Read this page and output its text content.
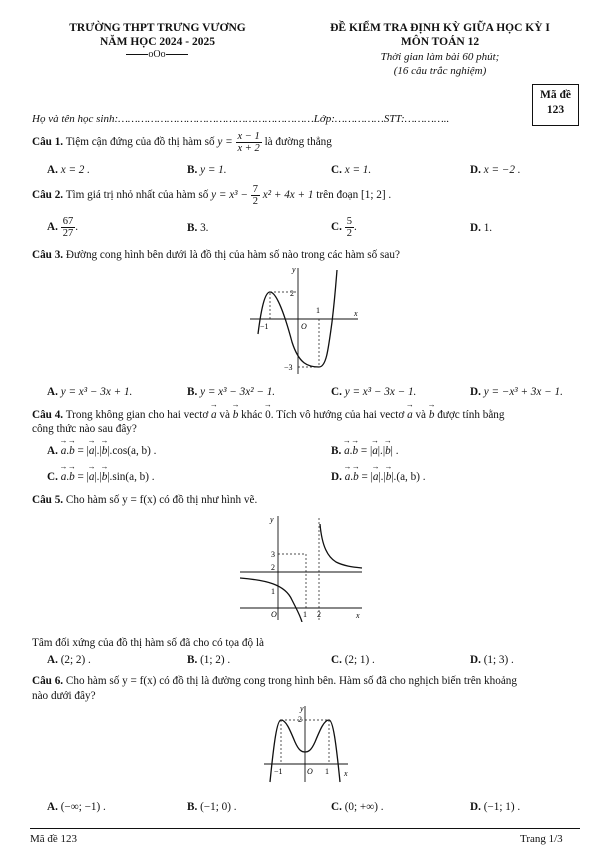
TRƯỜNG THPT TRƯNG VƯƠNG
NĂM HỌC 2024 - 2025
oOo
ĐỀ KIỂM TRA ĐỊNH KỲ GIỮA HỌC KỲ I
MÔN TOÁN 12
Thời gian làm bài 60 phút;
(16 câu trắc nghiệm)
Mã đề
123
Họ và tên học sinh:……………………………………………………Lớp:……………STT:…………..
Câu 1. Tiệm cận đứng của đồ thị hàm số $y = \frac{x - 1}{x + 2}$ là đường thẳng
A. x = 2 .	B. y = 1.	C. x = 1.	D. x = −2 .
Câu 2. Tìm giá trị nhỏ nhất của hàm số $y = x^3 - \frac{7}{2} x^2 + 4x + 1$ trên đoạn [1; 2] .
A. $\frac{67}{27}$ .	B. 3.	C. $\frac{5}{2}$ .	D. 1.
Câu 3. Đường cong hình bên dưới là đồ thị của hàm số nào trong các hàm số sau?
y
x
O
2
1
−1
−3
A. y = x³ − 3x + 1.	B. y = x³ − 3x² − 1.	C. y = x³ − 3x − 1.	D. y = −x³ + 3x − 1.
Câu 4. Trong không gian cho hai vectơ → a và → b khác → 0. Tích vô hướng của hai vectơ → a và → b được tính bằng
công thức nào sau đây?
A. → a.→ b = |→ a|.|→ b|.cos(a, b) .	B. → a.→ b = |→ a|.|→ b| .
C. → a.→ b = |→ a|.|→ b|.sin(a, b) .	D. → a.→ b = |→ a|.|→ b|.(a, b) .
Câu 5. Cho hàm số y = f(x) có đồ thị như hình vẽ.
y
x
O
3
2
1
1 2
Tâm đối xứng của đồ thị hàm số đã cho có tọa độ là
A. (2; 2) .	B. (1; 2) .	C. (2; 1) .	D. (1; 3) .
Câu 6. Cho hàm số y = f(x) có đồ thị là đường cong trong hình bên. Hàm số đã cho nghịch biến trên khoảng
nào dưới đây?
y
x
O
2
−1	1
A. (−∞; −1) .	B. (−1; 0) .	C. (0; +∞) .	D. (−1; 1) .
Mã đề 123	Trang 1/3
